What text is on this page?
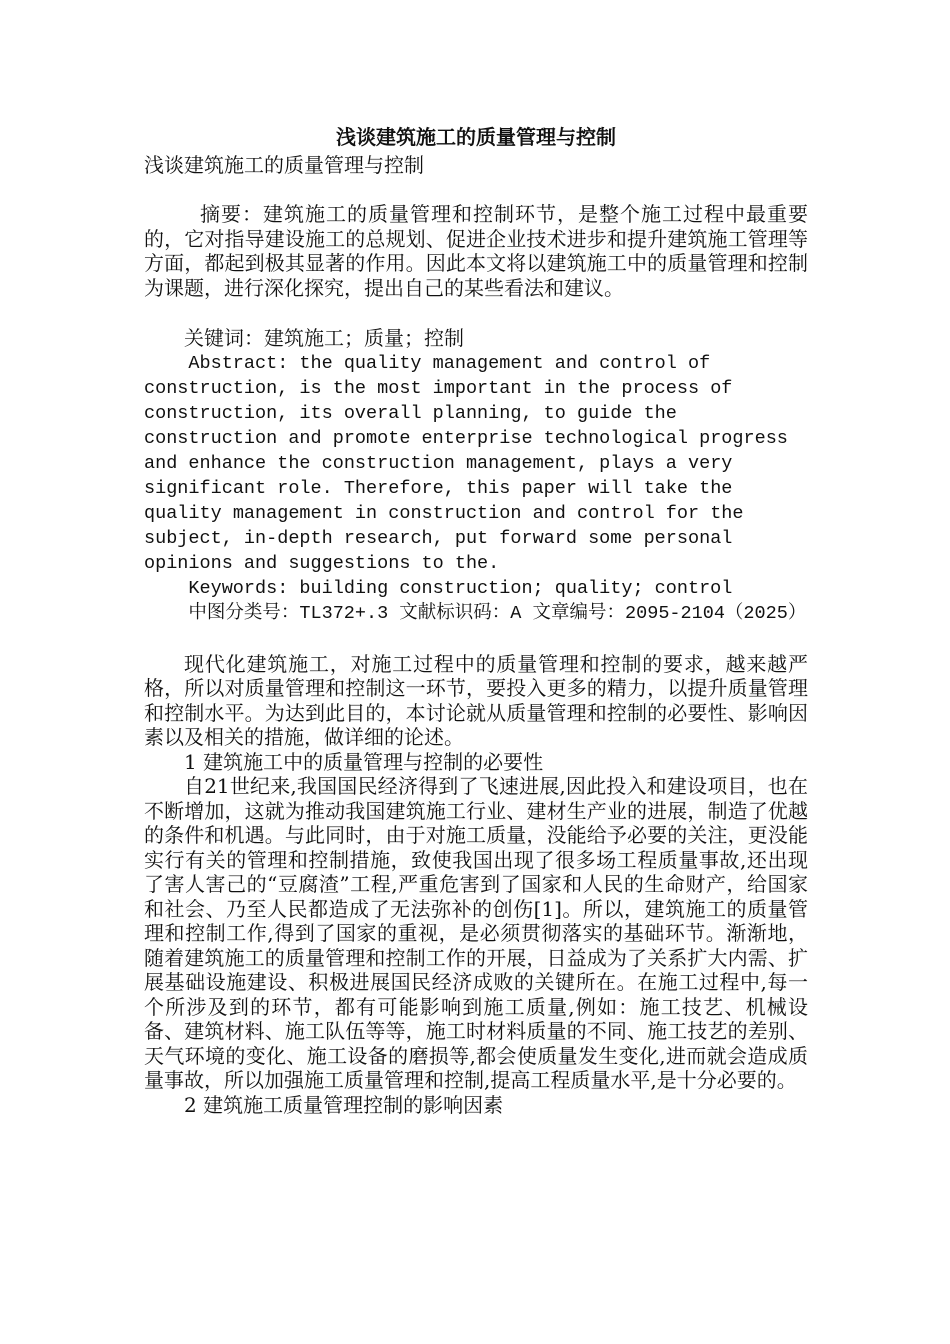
浅谈建筑施工的质量管理与控制

浅谈建筑施工的质量管理与控制

摘要：建筑施工的质量管理和控制环节，是整个施工过程中最重要的，它对指导建设施工的总规划、促进企业技术进步和提升建筑施工管理等方面，都起到极其显著的作用。因此本文将以建筑施工中的质量管理和控制为课题，进行深化探究，提出自己的某些看法和建议。

关键词：建筑施工；质量；控制

Abstract: the quality management and control of construction, is the most important in the process of construction, its overall planning, to guide the construction and promote enterprise technological progress and enhance the construction management, plays a very significant role. Therefore, this paper will take the quality management in construction and control for the subject, in-depth research, put forward some personal opinions and suggestions to the.

Keywords: building construction; quality; control

中图分类号：TL372+.3 文献标识码：A 文章编号：2095-2104（2025）

现代化建筑施工，对施工过程中的质量管理和控制的要求，越来越严格，所以对质量管理和控制这一环节，要投入更多的精力，以提升质量管理和控制水平。为达到此目的，本讨论就从质量管理和控制的必要性、影响因素以及相关的措施，做详细的论述。

1 建筑施工中的质量管理与控制的必要性

自21世纪来,我国国民经济得到了飞速进展,因此投入和建设项目，也在不断增加，这就为推动我国建筑施工行业、建材生产业的进展，制造了优越的条件和机遇。与此同时，由于对施工质量，没能给予必要的关注，更没能实行有关的管理和控制措施，致使我国出现了很多场工程质量事故,还出现了害人害己的“豆腐渣”工程,严重危害到了国家和人民的生命财产，给国家和社会、乃至人民都造成了无法弥补的创伤[1]。所以，建筑施工的质量管理和控制工作,得到了国家的重视，是必须贯彻落实的基础环节。渐渐地，随着建筑施工的质量管理和控制工作的开展，日益成为了关系扩大内需、扩展基础设施建设、积极进展国民经济成败的关键所在。在施工过程中,每一个所涉及到的环节，都有可能影响到施工质量,例如：施工技艺、机械设备、建筑材料、施工队伍等等，施工时材料质量的不同、施工技艺的差别、天气环境的变化、施工设备的磨损等,都会使质量发生变化,进而就会造成质量事故，所以加强施工质量管理和控制,提高工程质量水平,是十分必要的。

2 建筑施工质量管理控制的影响因素
